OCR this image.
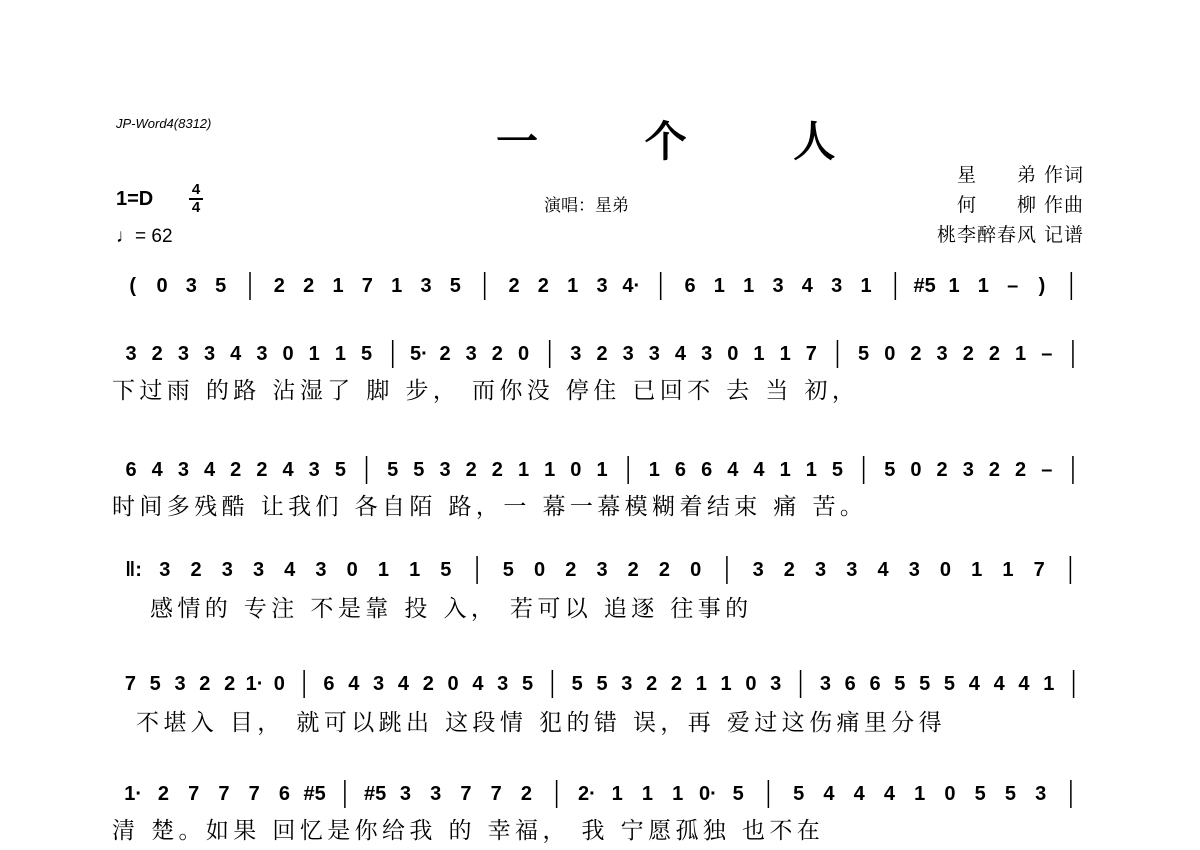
JP-Word4(8312)	一 个 人
1=D	4
4
♩= 62
演唱：星弟
星　　弟 作词
何　　柳 作曲
桃李醉春风 记谱
( 0 3 5 2 2 1 7 1 3 5 2 2 1 3 4· 6 1 1 3 4 3 1 #5 1 1 – )
3 2 3 3 4 3 0 1 1 5 5· 2 3 2 0 3 2 3 3 4 3 0 1 1 7 5 0 2 3 2 2 1 –
下过雨 的路 沾湿了 脚 步， 而你没 停住 已回不 去 当 初，
6 4 3 4 2 2 4 3 5 5 5 3 2 2 1 1 0 1 1 6 6 4 4 1 1 5 5 0 2 3 2 2 –
时间多残酷 让我们 各自陌 路，一 幕一幕模糊着结束 痛 苦。
‖: 3 2 3 3 4 3 0 1 1 5	5 0 2 3 2 2 0	3 2 3 3 4 3 0 1 1 7
感情的 专注 不是靠 投 入， 若可以 追逐 往事的
7 5 3 2 2 1· 0 6 4 3 4 2 0 4 3 5 5 5 3 2 2 1 1 0 3 3 6 6 5 5 5 4 4 4 1
不堪入 目， 就可以跳出 这段情 犯的错 误，再 爱过这伤痛里分得
1· 2 7 7 7 6 #5 #5 3 3 7 7 2 2· 1 1 1 0· 5 5 4 4 4 1 0 5 5 3
清 楚。如果 回忆是你给我 的 幸福， 我 宁愿孤独 也不在
